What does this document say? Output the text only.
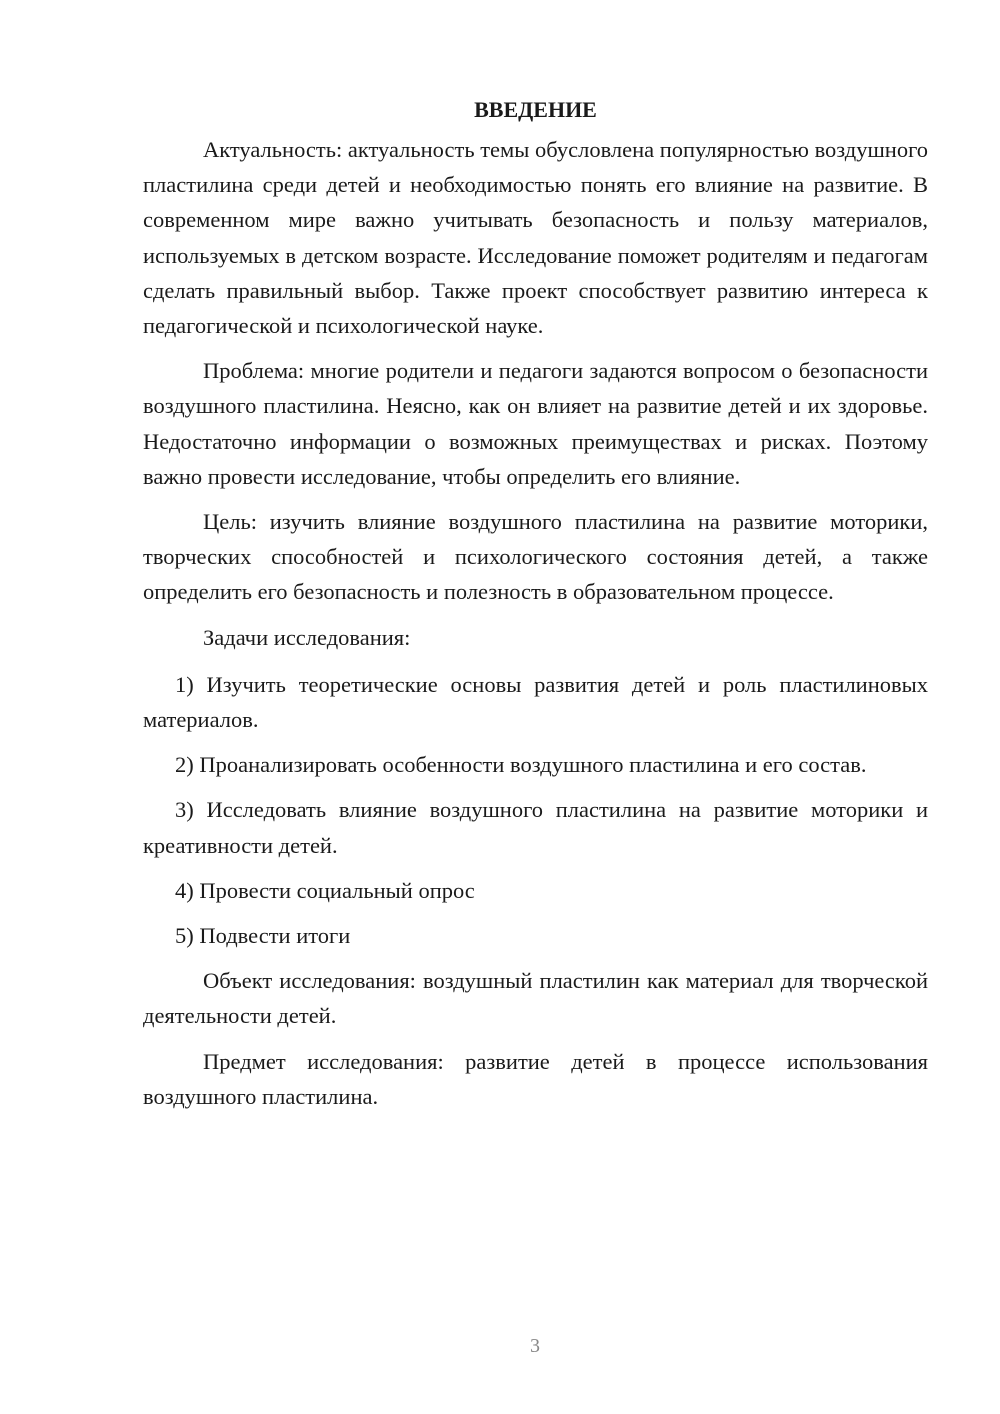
ВВЕДЕНИЕ

Актуальность: актуальность темы обусловлена популярностью воздушного пластилина среди детей и необходимостью понять его влияние на развитие. В современном мире важно учитывать безопасность и пользу материалов, используемых в детском возрасте. Исследование поможет родителям и педагогам сделать правильный выбор. Также проект способствует развитию интереса к педагогической и психологической науке.

Проблема: многие родители и педагоги задаются вопросом о безопасности воздушного пластилина. Неясно, как он влияет на развитие детей и их здоровье. Недостаточно информации о возможных преимуществах и рисках. Поэтому важно провести исследование, чтобы определить его влияние.

Цель: изучить влияние воздушного пластилина на развитие моторики, творческих способностей и психологического состояния детей, а также определить его безопасность и полезность в образовательном процессе.

Задачи исследования:

1) Изучить теоретические основы развития детей и роль пластилиновых материалов.

2) Проанализировать особенности воздушного пластилина и его состав.

3) Исследовать влияние воздушного пластилина на развитие моторики и креативности детей.

4) Провести социальный опрос

5) Подвести итоги

Объект исследования: воздушный пластилин как материал для творческой деятельности детей.

Предмет исследования: развитие детей в процессе использования воздушного пластилина.

3
